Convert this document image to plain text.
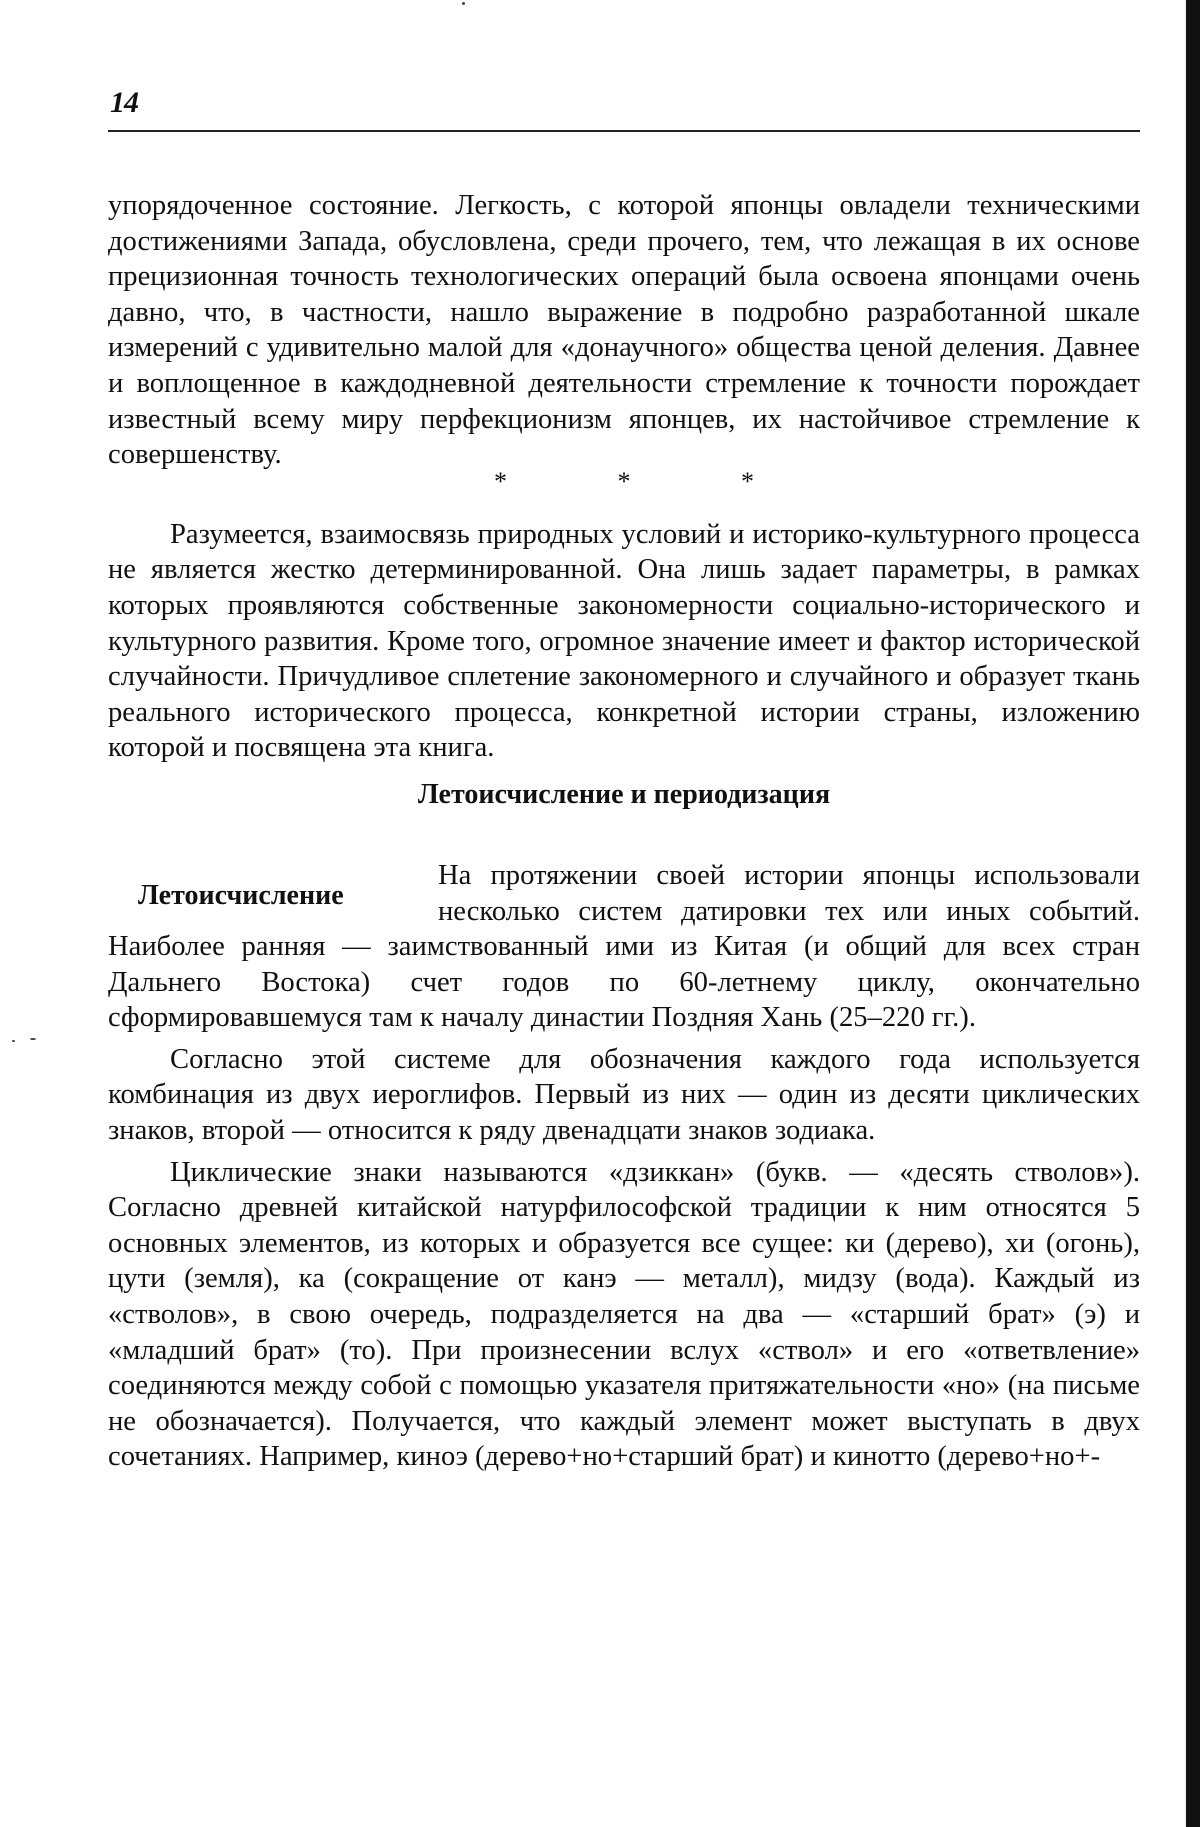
14

упорядоченное состояние. Легкость, с которой японцы овладели техническими достижениями Запада, обусловлена, среди прочего, тем, что лежащая в их основе прецизионная точность технологических операций была освоена японцами очень давно, что, в частности, нашло выражение в подробно разработанной шкале измерений с удивительно малой для «донаучного» общества ценой деления. Давнее и воплощенное в каждодневной деятельности стремление к точности порождает известный всему миру перфекционизм японцев, их настойчивое стремление к совершенству.

* * *

Разумеется, взаимосвязь природных условий и историко-культурного процесса не является жестко детерминированной. Она лишь задает параметры, в рамках которых проявляются собственные закономерности социально-исторического и культурного развития. Кроме того, огромное значение имеет и фактор исторической случайности. Причудливое сплетение закономерного и случайного и образует ткань реального исторического процесса, конкретной истории страны, изложению которой и посвящена эта книга.

Летоисчисление и периодизация
Летоисчисление

На протяжении своей истории японцы использовали несколько систем датировки тех или иных событий. Наиболее ранняя — заимствованный ими из Китая (и общий для всех стран Дальнего Востока) счет годов по 60-летнему циклу, окончательно сформировавшемуся там к началу династии Поздняя Хань (25–220 гг.).

Согласно этой системе для обозначения каждого года используется комбинация из двух иероглифов. Первый из них — один из десяти циклических знаков, второй — относится к ряду двенадцати знаков зодиака.

Циклические знаки называются «дзиккан» (букв. — «десять стволов»). Согласно древней китайской натурфилософской традиции к ним относятся 5 основных элементов, из которых и образуется все сущее: ки (дерево), хи (огонь), цути (земля), ка (сокращение от канэ — металл), мидзу (вода). Каждый из «стволов», в свою очередь, подразделяется на два — «старший брат» (э) и «младший брат» (то). При произнесении вслух «ствол» и его «ответвление» соединяются между собой с помощью указателя притяжательности «но» (на письме не обозначается). Получается, что каждый элемент может выступать в двух сочетаниях. Например, киноэ (дерево+но+старший брат) и кинотто (дерево+но+-
